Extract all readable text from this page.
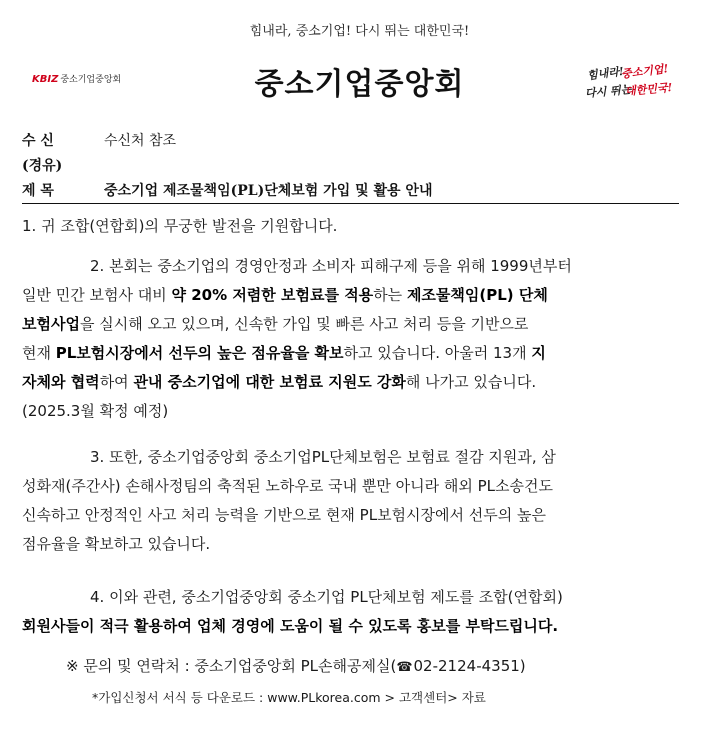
힘내라, 중소기업! 다시 뛰는 대한민국!
KBIZ 중소기업중앙회	중소기업중앙회	힘내라!
중소기업!
다시 뛰는
대한민국!
수 신	수신처 참조
(경유)
제 목	중소기업 제조물책임(PL)단체보험 가입 및 활용 안내
1. 귀 조합(연합회)의 무궁한 발전을 기원합니다.
2. 본회는 중소기업의 경영안정과 소비자 피해구제 등을 위해 1999년부터
일반 민간 보험사 대비 약 20% 저렴한 보험료를 적용하는 제조물책임(PL) 단체
보험사업을 실시해 오고 있으며, 신속한 가입 및 빠른 사고 처리 등을 기반으로
현재 PL보험시장에서 선두의 높은 점유율을 확보하고 있습니다. 아울러 13개 지
자체와 협력하여 관내 중소기업에 대한 보험료 지원도 강화해 나가고 있습니다.
(2025.3월 확정 예정)
3. 또한, 중소기업중앙회 중소기업PL단체보험은 보험료 절감 지원과, 삼
성화재(주간사) 손해사정팀의 축적된 노하우로 국내 뿐만 아니라 해외 PL소송건도
신속하고 안정적인 사고 처리 능력을 기반으로 현재 PL보험시장에서 선두의 높은
점유율을 확보하고 있습니다.
4. 이와 관련, 중소기업중앙회 중소기업 PL단체보험 제도를 조합(연합회)
회원사들이 적극 활용하여 업체 경영에 도움이 될 수 있도록 홍보를 부탁드립니다.
※ 문의 및 연락처 : 중소기업중앙회 PL손해공제실(☎02-2124-4351)
*가입신청서 서식 등 다운로드 : www.PLkorea.com > 고객센터> 자료
